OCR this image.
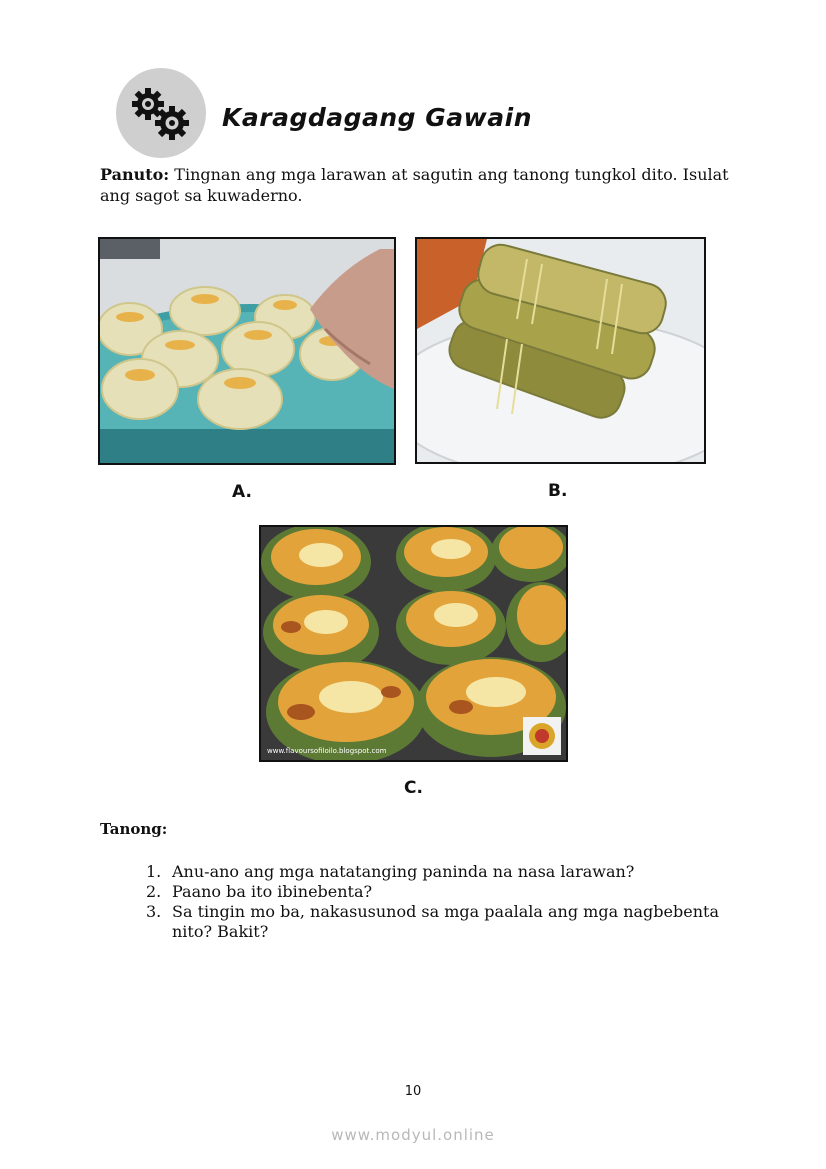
Karagdagang Gawain
Panuto: Tingnan ang mga larawan at sagutin ang tanong tungkol dito. Isulat ang sagot sa kuwaderno.
A.	B.
www.flavoursofiloilo.blogspot.com
C.
Tanong:
1. Anu-ano ang mga natatanging paninda na nasa larawan?
2. Paano ba ito ibinebenta?
3. Sa tingin mo ba, nakasusunod sa mga paalala ang mga nagbebenta nito? Bakit?
10
www.modyul.online
